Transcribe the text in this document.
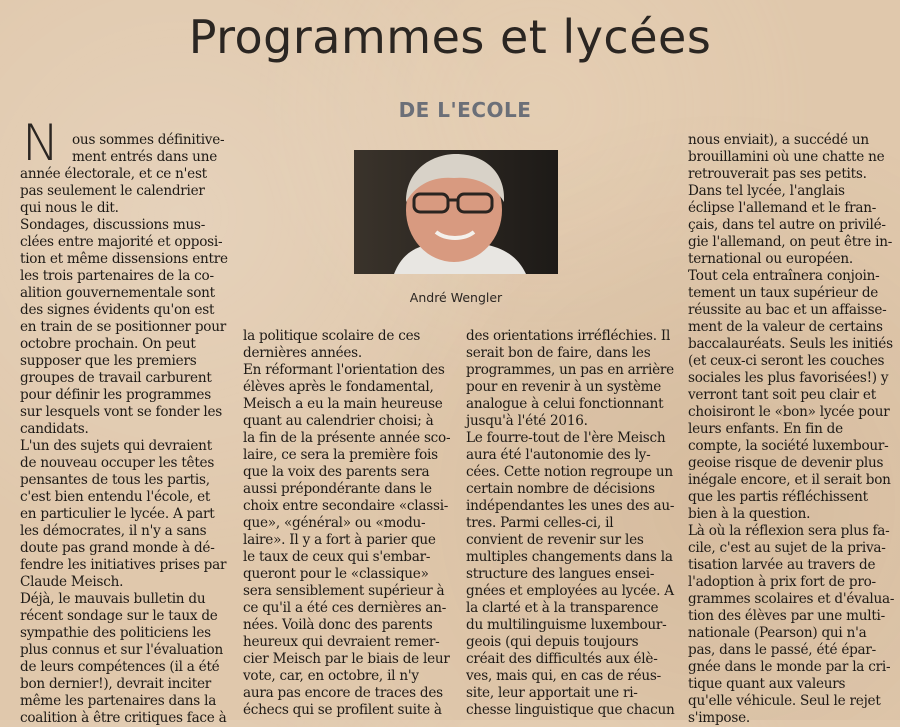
Programmes et lycées
DE L'ECOLE
André Wengler
N ous sommes définitive-
ment entrés dans une
année électorale, et ce n'est
pas seulement le calendrier
qui nous le dit.
Sondages, discussions mus-
clées entre majorité et opposi-
tion et même dissensions entre
les trois partenaires de la co-
alition gouvernementale sont
des signes évidents qu'on est
en train de se positionner pour
octobre prochain. On peut
supposer que les premiers
groupes de travail carburent
pour définir les programmes
sur lesquels vont se fonder les
candidats.
L'un des sujets qui devraient
de nouveau occuper les têtes
pensantes de tous les partis,
c'est bien entendu l'école, et
en particulier le lycée. A part
les démocrates, il n'y a sans
doute pas grand monde à dé-
fendre les initiatives prises par
Claude Meisch.
Déjà, le mauvais bulletin du
récent sondage sur le taux de
sympathie des politiciens les
plus connus et sur l'évaluation
de leurs compétences (il a été
bon dernier!), devrait inciter
même les partenaires dans la
coalition à être critiques face à
la politique scolaire de ces
dernières années.
En réformant l'orientation des
élèves après le fondamental,
Meisch a eu la main heureuse
quant au calendrier choisi; à
la fin de la présente année sco-
laire, ce sera la première fois
que la voix des parents sera
aussi prépondérante dans le
choix entre secondaire «classi-
que», «général» ou «modu-
laire». Il y a fort à parier que
le taux de ceux qui s'embar-
queront pour le «classique»
sera sensiblement supérieur à
ce qu'il a été ces dernières an-
nées. Voilà donc des parents
heureux qui devraient remer-
cier Meisch par le biais de leur
vote, car, en octobre, il n'y
aura pas encore de traces des
échecs qui se profilent suite à
des orientations irréfléchies. Il
serait bon de faire, dans les
programmes, un pas en arrière
pour en revenir à un système
analogue à celui fonctionnant
jusqu'à l'été 2016.
Le fourre-tout de l'ère Meisch
aura été l'autonomie des ly-
cées. Cette notion regroupe un
certain nombre de décisions
indépendantes les unes des au-
tres. Parmi celles-ci, il
convient de revenir sur les
multiples changements dans la
structure des langues ensei-
gnées et employées au lycée. A
la clarté et à la transparence
du multilinguisme luxembour-
geois (qui depuis toujours
créait des difficultés aux élè-
ves, mais qui, en cas de réus-
site, leur apportait une ri-
chesse linguistique que chacun
nous enviait), a succédé un
brouillamini où une chatte ne
retrouverait pas ses petits.
Dans tel lycée, l'anglais
éclipse l'allemand et le fran-
çais, dans tel autre on privilé-
gie l'allemand, on peut être in-
ternational ou européen.
Tout cela entraînera conjoin-
tement un taux supérieur de
réussite au bac et un affaisse-
ment de la valeur de certains
baccalauréats. Seuls les initiés
(et ceux-ci seront les couches
sociales les plus favorisées!) y
verront tant soit peu clair et
choisiront le «bon» lycée pour
leurs enfants. En fin de
compte, la société luxembour-
geoise risque de devenir plus
inégale encore, et il serait bon
que les partis réfléchissent
bien à la question.
Là où la réflexion sera plus fa-
cile, c'est au sujet de la priva-
tisation larvée au travers de
l'adoption à prix fort de pro-
grammes scolaires et d'évalua-
tion des élèves par une multi-
nationale (Pearson) qui n'a
pas, dans le passé, été épar-
gnée dans le monde par la cri-
tique quant aux valeurs
qu'elle véhicule. Seul le rejet
s'impose.
